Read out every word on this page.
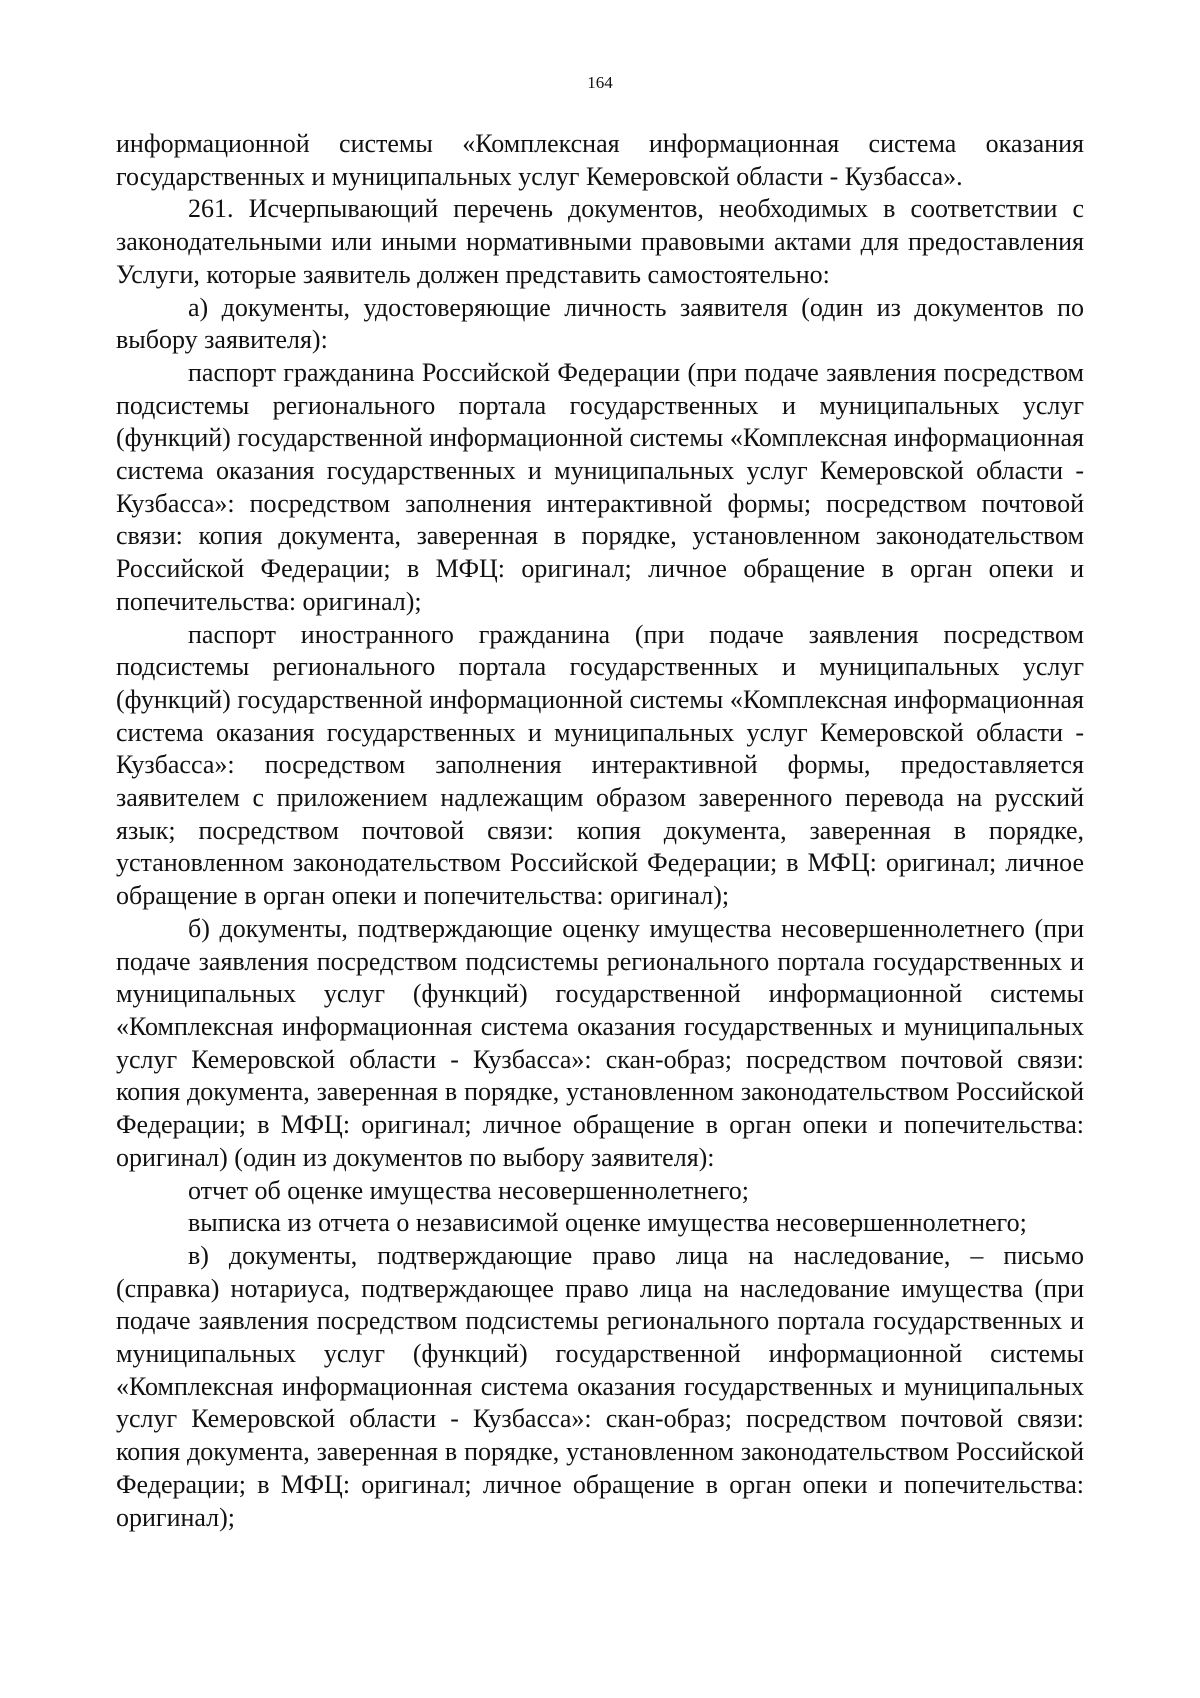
164

информационной системы «Комплексная информационная система оказания государственных и муниципальных услуг Кемеровской области - Кузбасса».

261. Исчерпывающий перечень документов, необходимых в соответствии с законодательными или иными нормативными правовыми актами для предоставления Услуги, которые заявитель должен представить самостоятельно:

а) документы, удостоверяющие личность заявителя (один из документов по выбору заявителя):

паспорт гражданина Российской Федерации (при подаче заявления посредством подсистемы регионального портала государственных и муниципальных услуг (функций) государственной информационной системы «Комплексная информационная система оказания государственных и муниципальных услуг Кемеровской области - Кузбасса»: посредством заполнения интерактивной формы; посредством почтовой связи: копия документа, заверенная в порядке, установленном законодательством Российской Федерации; в МФЦ: оригинал; личное обращение в орган опеки и попечительства: оригинал);

паспорт иностранного гражданина (при подаче заявления посредством подсистемы регионального портала государственных и муниципальных услуг (функций) государственной информационной системы «Комплексная информационная система оказания государственных и муниципальных услуг Кемеровской области - Кузбасса»: посредством заполнения интерактивной формы, предоставляется заявителем с приложением надлежащим образом заверенного перевода на русский язык; посредством почтовой связи: копия документа, заверенная в порядке, установленном законодательством Российской Федерации; в МФЦ: оригинал; личное обращение в орган опеки и попечительства: оригинал);

б) документы, подтверждающие оценку имущества несовершеннолетнего (при подаче заявления посредством подсистемы регионального портала государственных и муниципальных услуг (функций) государственной информационной системы «Комплексная информационная система оказания государственных и муниципальных услуг Кемеровской области - Кузбасса»: скан-образ; посредством почтовой связи: копия документа, заверенная в порядке, установленном законодательством Российской Федерации; в МФЦ: оригинал; личное обращение в орган опеки и попечительства: оригинал) (один из документов по выбору заявителя):

отчет об оценке имущества несовершеннолетнего;

выписка из отчета о независимой оценке имущества несовершеннолетнего;

в) документы, подтверждающие право лица на наследование, – письмо (справка) нотариуса, подтверждающее право лица на наследование имущества (при подаче заявления посредством подсистемы регионального портала государственных и муниципальных услуг (функций) государственной информационной системы «Комплексная информационная система оказания государственных и муниципальных услуг Кемеровской области - Кузбасса»: скан-образ; посредством почтовой связи: копия документа, заверенная в порядке, установленном законодательством Российской Федерации; в МФЦ: оригинал; личное обращение в орган опеки и попечительства: оригинал);
